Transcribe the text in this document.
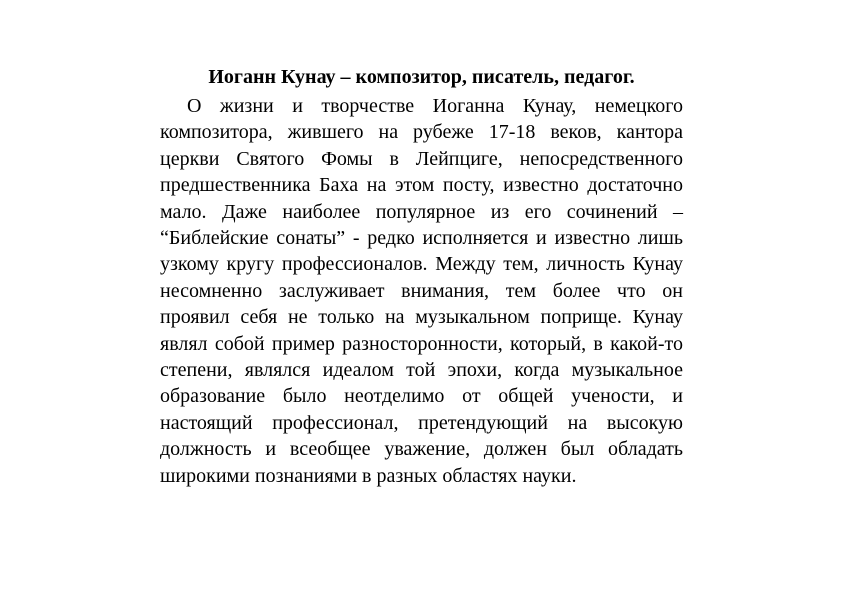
Иоганн Кунау – композитор, писатель, педагог.

О жизни и творчестве Иоганна Кунау, немецкого композитора, жившего на рубеже 17-18 веков, кантора церкви Святого Фомы в Лейпциге, непосредственного предшественника Баха на этом посту, известно достаточно мало. Даже наиболее популярное из его сочинений – “Библейские сонаты” - редко исполняется и известно лишь узкому кругу профессионалов. Между тем, личность Кунау несомненно заслуживает внимания, тем более что он проявил себя не только на музыкальном поприще. Кунау являл собой пример разносторонности, который, в какой-то степени, являлся идеалом той эпохи, когда музыкальное образование было неотделимо от общей учености, и настоящий профессионал, претендующий на высокую должность и всеобщее уважение, должен был обладать широкими познаниями в разных областях науки.
